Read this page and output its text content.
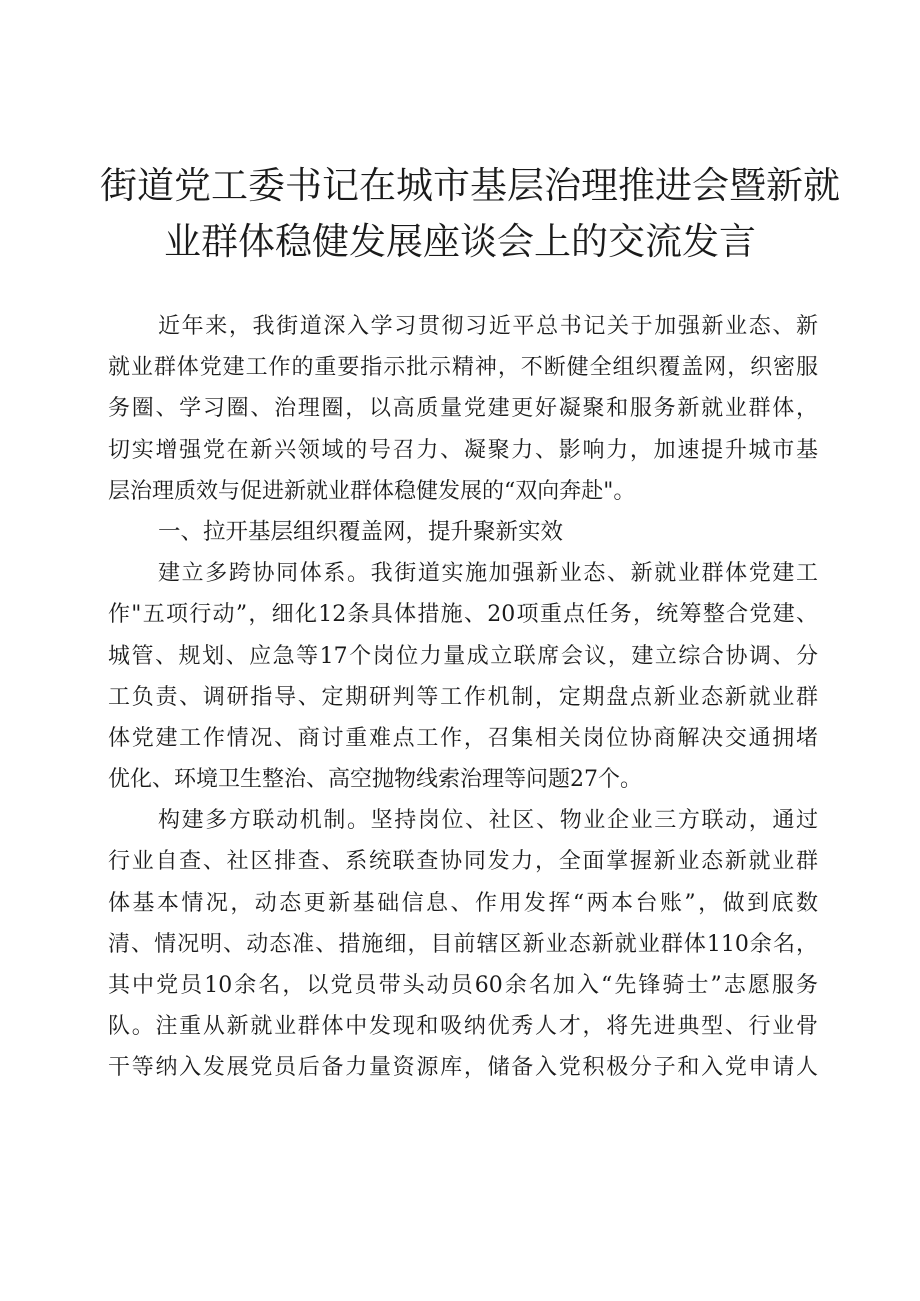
街道党工委书记在城市基层治理推进会暨新就
业群体稳健发展座谈会上的交流发言
近年来，我街道深入学习贯彻习近平总书记关于加强新业态、新
就业群体党建工作的重要指示批示精神，不断健全组织覆盖网，织密服
务圈、学习圈、治理圈，以高质量党建更好凝聚和服务新就业群体，
切实增强党在新兴领域的号召力、凝聚力、影响力，加速提升城市基
层治理质效与促进新就业群体稳健发展的“双向奔赴"。

一、拉开基层组织覆盖网，提升聚新实效

建立多跨协同体系。我街道实施加强新业态、新就业群体党建工
作"五项行动”，细化12条具体措施、20项重点任务，统筹整合党建、
城管、规划、应急等17个岗位力量成立联席会议，建立综合协调、分
工负责、调研指导、定期研判等工作机制，定期盘点新业态新就业群
体党建工作情况、商讨重难点工作，召集相关岗位协商解决交通拥堵
优化、环境卫生整治、高空抛物线索治理等问题27个。
构建多方联动机制。坚持岗位、社区、物业企业三方联动，通过
行业自查、社区排查、系统联查协同发力，全面掌握新业态新就业群
体基本情况，动态更新基础信息、作用发挥“两本台账”，做到底数
清、情况明、动态准、措施细，目前辖区新业态新就业群体110余名，
其中党员10余名，以党员带头动员60余名加入“先锋骑士”志愿服务
队。注重从新就业群体中发现和吸纳优秀人才，将先进典型、行业骨
干等纳入发展党员后备力量资源库，储备入党积极分子和入党申请人
